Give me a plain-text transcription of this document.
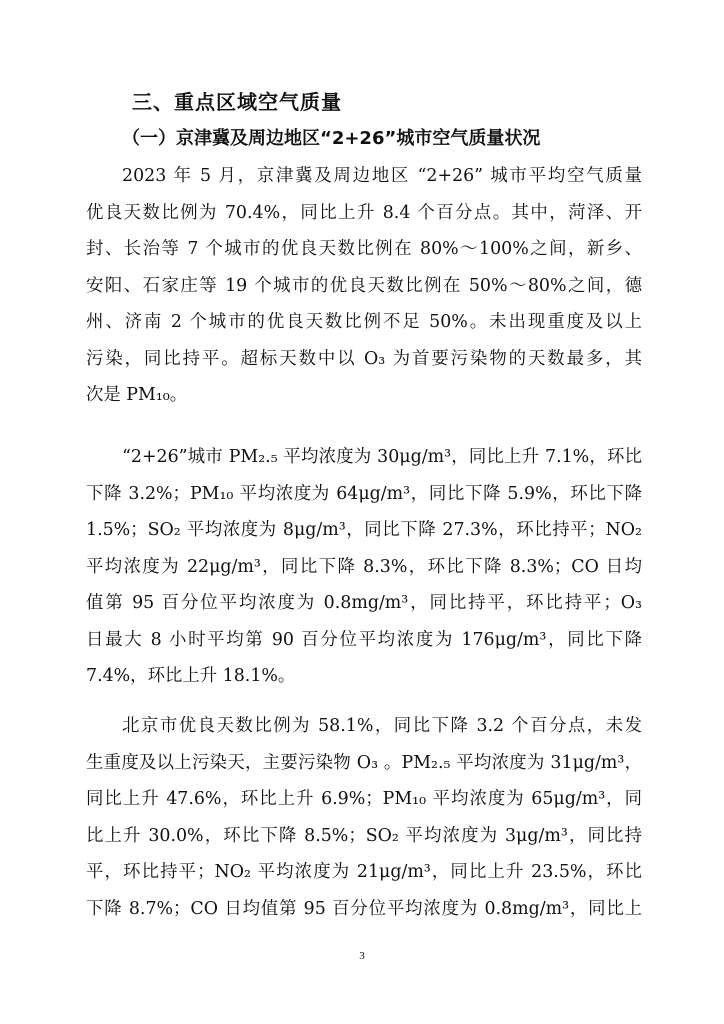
三、重点区域空气质量
（一）京津冀及周边地区“2+26”城市空气质量状况
2023 年 5 月，京津冀及周边地区 “2+26” 城市平均空气质量
优良天数比例为 70.4%，同比上升 8.4 个百分点。其中，菏泽、开
封、长治等 7 个城市的优良天数比例在 80%～100%之间，新乡、
安阳、石家庄等 19 个城市的优良天数比例在 50%～80%之间，德
州、济南 2 个城市的优良天数比例不足 50%。未出现重度及以上
污染，同比持平。超标天数中以 O₃ 为首要污染物的天数最多，其
次是 PM₁₀。
“2+26”城市 PM₂.₅ 平均浓度为 30μg/m³，同比上升 7.1%，环比
下降 3.2%；PM₁₀ 平均浓度为 64μg/m³，同比下降 5.9%，环比下降
1.5%；SO₂ 平均浓度为 8μg/m³，同比下降 27.3%，环比持平；NO₂
平均浓度为 22μg/m³，同比下降 8.3%，环比下降 8.3%；CO 日均
值第 95 百分位平均浓度为 0.8mg/m³，同比持平，环比持平；O₃
日最大 8 小时平均第 90 百分位平均浓度为 176μg/m³，同比下降
7.4%，环比上升 18.1%。
北京市优良天数比例为 58.1%，同比下降 3.2 个百分点，未发
生重度及以上污染天，主要污染物 O₃ 。PM₂.₅ 平均浓度为 31μg/m³，
同比上升 47.6%，环比上升 6.9%；PM₁₀ 平均浓度为 65μg/m³，同
比上升 30.0%，环比下降 8.5%；SO₂ 平均浓度为 3μg/m³，同比持
平，环比持平；NO₂ 平均浓度为 21μg/m³，同比上升 23.5%，环比
下降 8.7%；CO 日均值第 95 百分位平均浓度为 0.8mg/m³，同比上
3
